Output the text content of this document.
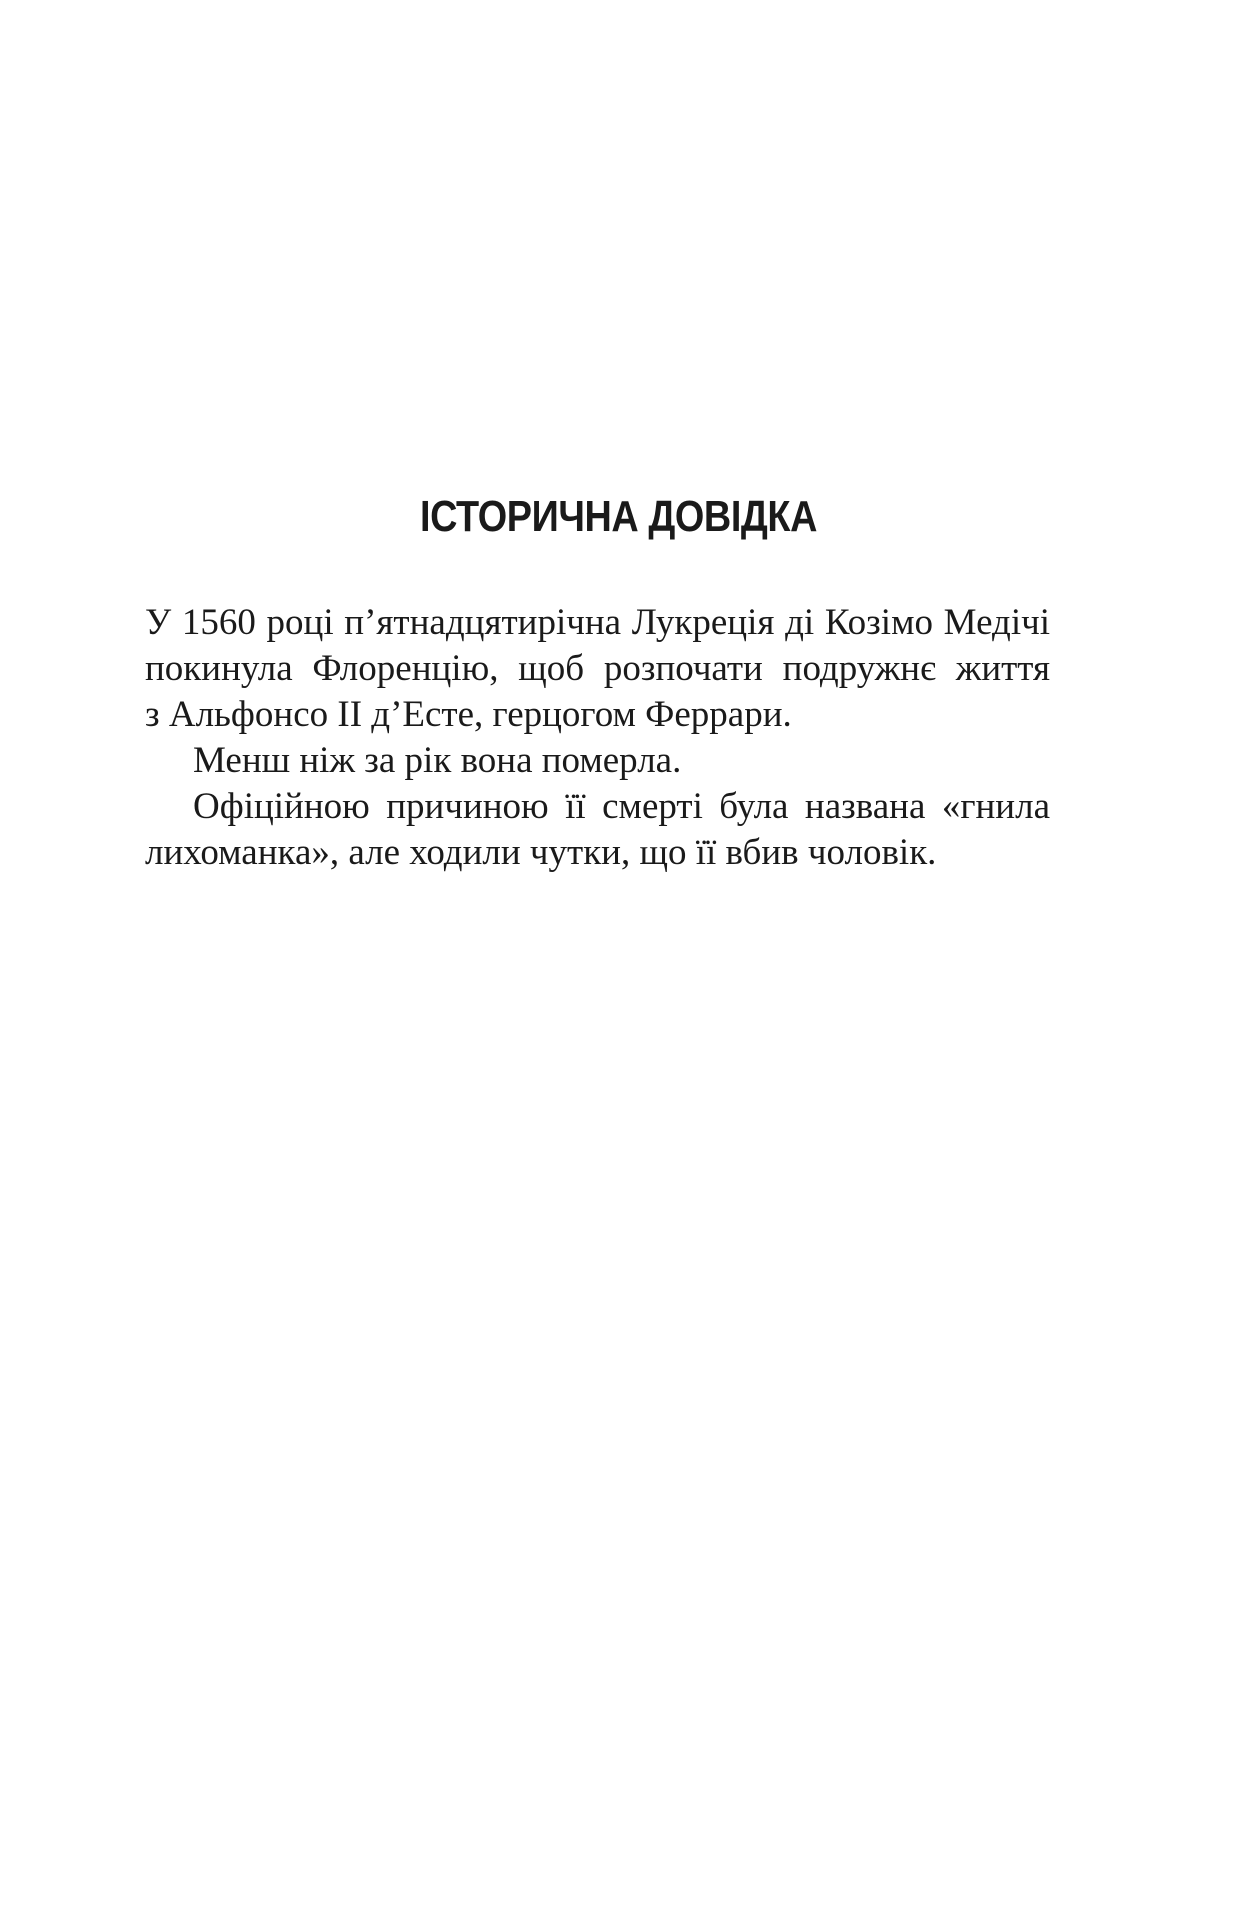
ІСТОРИЧНА ДОВІДКА

У 1560 році п’ятнадцятирічна Лукреція ді Козімо Медічі
покинула Флоренцію, щоб розпочати подружнє життя
з Альфонсо ІІ д’Есте, герцогом Феррари.

Менш ніж за рік вона померла.

Офіційною причиною її смерті була названа «гнила
лихоманка», але ходили чутки, що її вбив чоловік.
